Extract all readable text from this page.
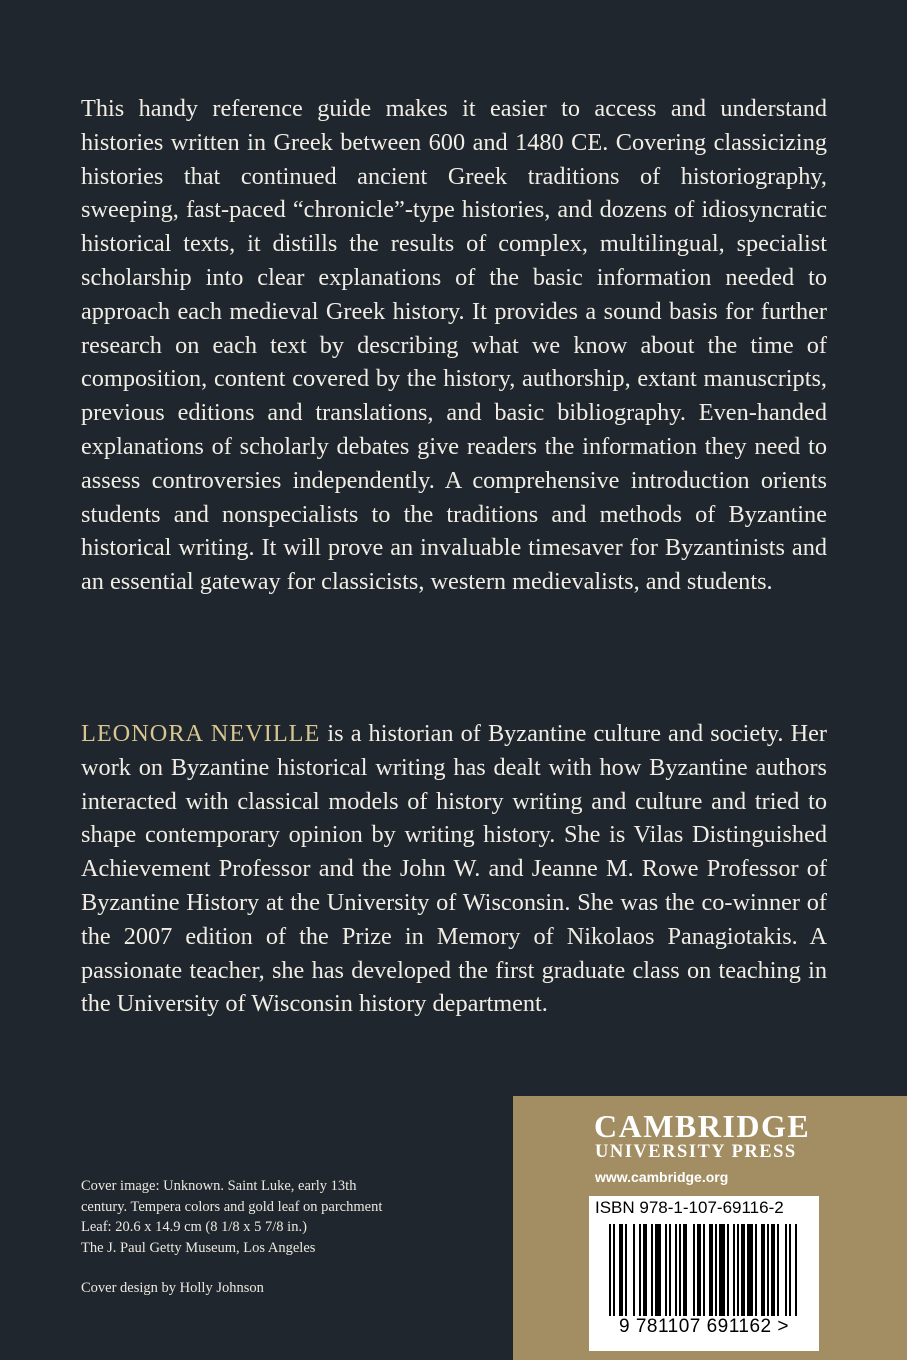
This handy reference guide makes it easier to access and understand histories written in Greek between 600 and 1480 CE. Covering classicizing histories that continued ancient Greek traditions of historiography, sweeping, fast-paced “chronicle”-type histories, and dozens of idiosyncratic historical texts, it distills the results of complex, multilingual, specialist scholarship into clear explanations of the basic information needed to approach each medieval Greek history. It provides a sound basis for further research on each text by describing what we know about the time of composition, content covered by the history, authorship, extant manuscripts, previous editions and translations, and basic bibliography. Even-handed explanations of scholarly debates give readers the information they need to assess controversies independently. A comprehensive introduction orients students and nonspecialists to the traditions and methods of Byzantine historical writing. It will prove an invaluable timesaver for Byzantinists and an essential gateway for classicists, western medievalists, and students.

LEONORA NEVILLE is a historian of Byzantine culture and society. Her work on Byzantine historical writing has dealt with how Byzantine authors interacted with classical models of history writing and culture and tried to shape contemporary opinion by writing history. She is Vilas Distinguished Achievement Professor and the John W. and Jeanne M. Rowe Professor of Byzantine History at the University of Wisconsin. She was the co-winner of the 2007 edition of the Prize in Memory of Nikolaos Panagiotakis. A passionate teacher, she has developed the first graduate class on teaching in the University of Wisconsin history department.

Cover image: Unknown. Saint Luke, early 13th
century. Tempera colors and gold leaf on parchment
Leaf: 20.6 x 14.9 cm (8 1/8 x 5 7/8 in.)
The J. Paul Getty Museum, Los Angeles
Cover design by Holly Johnson
CAMBRIDGE
UNIVERSITY PRESS
www.cambridge.org
ISBN 978-1-107-69116-2
9 781107 691162 >
